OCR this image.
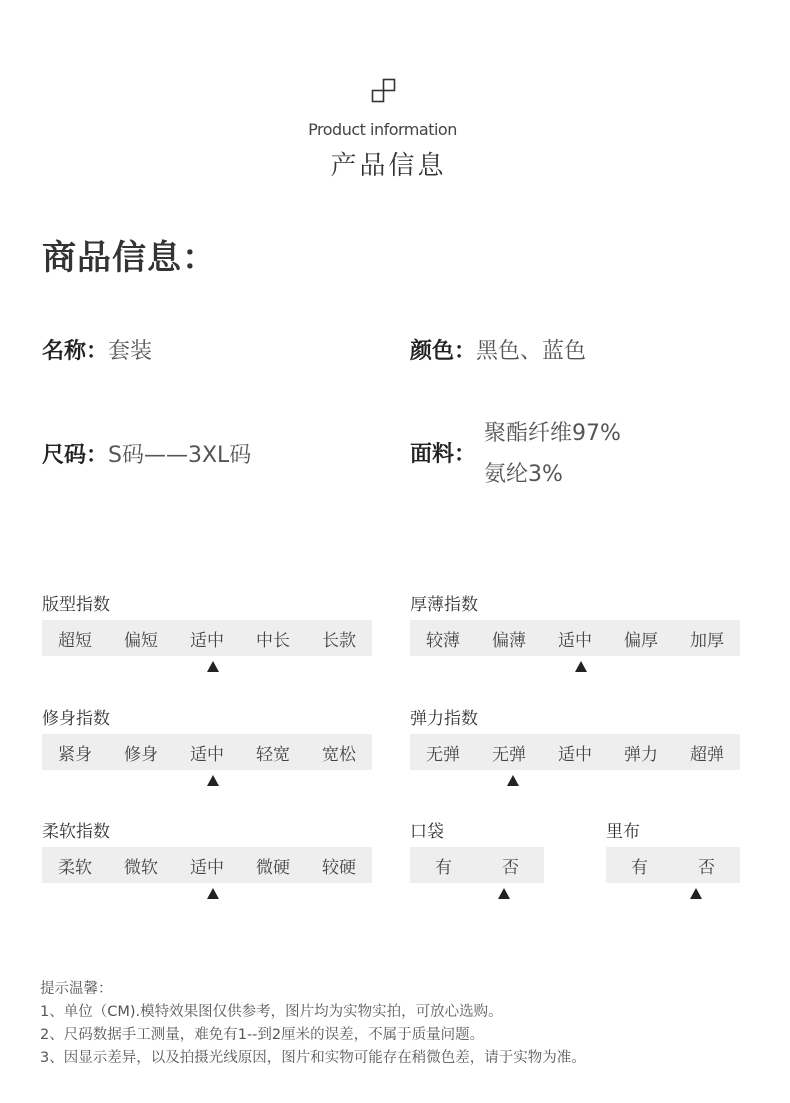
Product information
产品信息
商品信息：
名称：套装	颜色：黑色、蓝色
尺码：S码——3XL码	面料：
聚酯纤维97%
氨纶3%
版型指数
超短	偏短	适中	中长	长款
厚薄指数
较薄	偏薄	适中	偏厚	加厚
修身指数
紧身	修身	适中	轻宽	宽松
弹力指数
无弹	无弹	适中	弹力	超弹
柔软指数
柔软	微软	适中	微硬	较硬
口袋
有	否
里布
有	否
提示温馨：
1、单位（CM).模特效果图仅供参考，图片均为实物实拍，可放心选购。
2、尺码数据手工测量，难免有1--到2厘米的误差，不属于质量问题。
3、因显示差异，以及拍摄光线原因，图片和实物可能存在稍微色差，请于实物为准。
